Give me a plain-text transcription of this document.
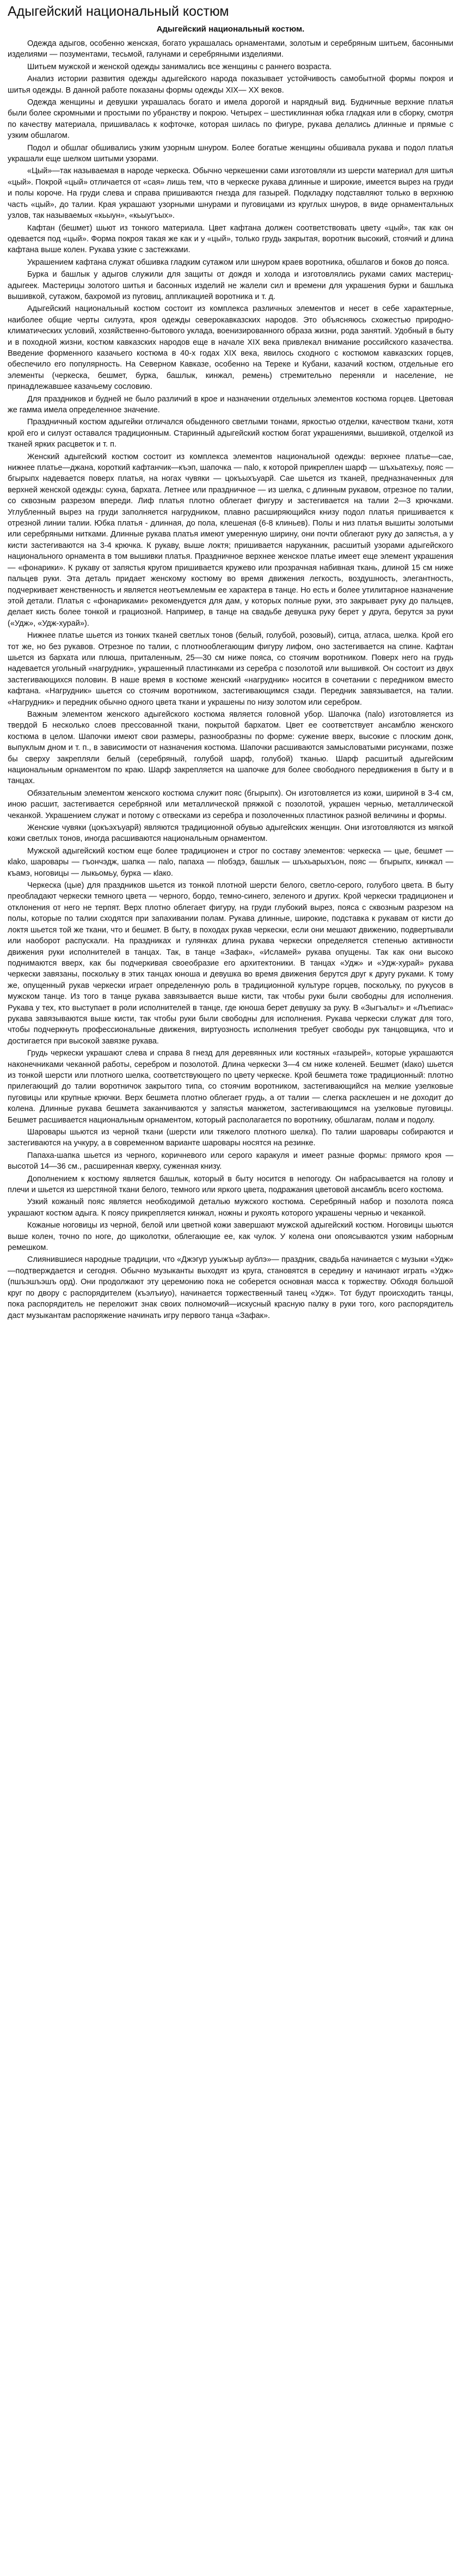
Адыгейский национальный костюм
Адыгейский национальный костюм.

Одежда адыгов, особенно женская, богато украшалась орнаментами, золотым и серебряным шитьем, басонными изделиями — позументами, тесьмой, галунами и серебряными изделиями.

Шитьем мужской и женской одежды занимались все женщины с раннего возраста.

Анализ истории развития одежды адыгейского народа показывает устойчивость самобытной формы покроя и шитья одежды. В данной работе показаны формы одежды XIX— XX веков.

Одежда женщины и девушки украшалась богато и имела дорогой и нарядный вид. Будничные верхние платья были более скромными и простыми по убранству и покрою. Четырех – шестиклинная юбка гладкая или в сборку, смотря по качеству материала, пришивалась к кофточке, которая шилась по фигуре, рукава делались длинные и прямые с узким обшлагом.

Подол и обшлаг обшивались узким узорным шнуром. Более богатые женщины обшивала рукава и подол платья украшали еще шелком шитыми узорами.

«Цый»—так называемая в народе черкеска. Обычно черкешенки сами изготовляли из шерсти материал для шитья «цый». Покрой «цый» отличается от «сая» лишь тем, что в черкеске рукава длинные и широкие, имеется вырез на груди и полы короче. На груди слева и справа пришиваются гнезда для газырей. Подкладку подставляют только в верхнюю часть «цый», до талии. Края украшают узорными шнурами и пуговицами из круглых шнуров, в виде орнаментальных узлов, так называемых «кьыун», «кьыугъых».

Кафтан (бешмет) шьют из тонкого материала. Цвет кафтана должен соответствовать цвету «цый», так как он одевается под «цый». Форма покроя такая же как и у «цый», только грудь закрытая, воротник высокий, стоячий и длина кафтана выше колен. Рукава узкие с застежками.

Украшением кафтана служат обшивка гладким сутажом или шнуром краев воротника, обшлагов и боков до пояса.

Бурка и башлык у адыгов служили для защиты от дождя и холода и изготовлялись руками самих мастериц-адыгеек. Мастерицы золотого шитья и басонных изделий не жалели сил и времени для украшения бурки и башлыка вышивкой, сутажом, бахромой из пуговиц, аппликацией воротника и т. д.

Адыгейский национальный костюм состоит из комплекса различных элементов и несет в себе характерные, наиболее общие черты силуэта, кроя одежды северокавказских народов. Это объясняюсь схожестью природно-климатических условий, хозяйственно-бытового уклада, военизированного образа жизни, рода занятий. Удобный в быту и в походной жизни, костюм кавказских народов еще в начале XIX века привлекал внимание российского казачества. Введение форменного казачьего костюма в 40-х годах XIX века, явилось сходного с костюмом кавказских горцев, обеспечило его популярность. На Северном Кавказе, особенно на Тереке и Кубани, казачий костюм, отдельные его элементы (черкеска, бешмет, бурка, башлык, кинжал, ремень) стремительно переняли и население, не принадлежавшее казачьему сословию.

Для праздников и будней не было различий в крое и назначении отдельных элементов костюма горцев. Цветовая же гамма имела определенное значение.

Праздничный костюм адыгейки отличался обыденного светлыми тонами, яркостью отделки, качеством ткани, хотя крой его и силуэт оставался традиционным. Старинный адыгейский костюм богат украшениями, вышивкой, отделкой из тканей ярких расцветок и т. п.

Женский адыгейский костюм состоит из комплекса элементов национальной одежды: верхнее платье—сае, нижнее платье—джана, короткий кафтанчик—къэп, шапочка — паlо, к которой прикреплен шарф — шъхьатехьу, пояс — бгырыпх надевается поверх платья, на ногах чувяки — цокъыхъуарй. Сае шьется из тканей, предназначенных для верхней женской одежды: сукна, бархата. Летнее или праздничное — из шелка, с длинным рукавом, отрезное по талии, со сквозным разрезом впереди. Лиф платья плотно облегает фигуру и застегивается на талии 2—3 крючками. Углубленный вырез на груди заполняется нагрудником, плавно расширяющийся книзу подол платья пришивается к отрезной линии талии. Юбка платья - длинная, до пола, клешеная (6-8 клиньев). Полы и низ платья вышиты золотыми или серебряными нитками. Длинные рукава платья имеют умеренную ширину, они почти облегают руку до запястья, а у кисти застегиваются на 3-4 крючка. К рукаву, выше локтя; пришивается наруканник, расшитый узорами адыгейского национального орнамента в том вышивки платья. Праздничное верхнее женское платье имеет еще элемент украшения — «фонарики». К рукаву от запястья кругом пришивается кружево или прозрачная набивная ткань, длиной 15 см ниже пальцев руки. Эта деталь придает женскому костюму во время движения легкость, воздушность, элегантность, подчеркивает женственность и является неотъемлемым ее характера в танце. Но есть и более утилитарное назначение этой детали. Платья с «фонариками» рекомендуется для дам, у которых полные руки, это закрывает руку до пальцев, делает кисть более тонкой и грациозной. Например, в танце на свадьбе девушка руку берет у друга, берутся за руки («Удж», «Удж-хурай»).

Нижнее платье шьется из тонких тканей светлых тонов (белый, голубой, розовый), ситца, атласа, шелка. Крой его тот же, но без рукавов. Отрезное по талии, с плотнооблегающим фигуру лифом, оно застегивается на спине. Кафтан шьется из бархата или плюша, приталенным, 25—30 см ниже пояса, со стоячим воротником. Поверх него на грудь надевается угольный «нагрудник», украшенный пластинками из серебра с позолотой или вышивкой. Он состоит из двух застегивающихся половин. В наше время в костюме женский «нагрудник» носится в сочетании с передником вместо кафтана. «Нагрудник» шьется со стоячим воротником, застегивающимся сзади. Передник завязывается, на талии. «Нагрудник» и передник обычно одного цвета ткани и украшены по низу золотом или серебром.

Важным элементом женского адыгейского костюма является головной убор. Шапочка (паlо) изготовляется из твердой Б несколько слоев прессованной ткани, покрытой бархатом. Цвет ее соответствует ансамблю женского костюма в целом. Шапочки имеют свои размеры, разнообразны по форме: сужение вверх, высокие с плоским донк, выпуклым дном и т. п., в зависимости от назначения костюма. Шапочки расшиваются замысловатыми рисунками, позже бы сверху закрепляли белый (серебряный, голубой шарф, голубой) тканью. Шарф расшитый адыгейским национальным орнаментом по краю. Шарф закрепляется на шапочке для более свободного передвижения в быту и в танцах.

Обязательным элементом женского костюма служит пояс (бгырыпх). Он изготовляется из кожи, шириной в 3-4 см, иною расшит, застегивается серебряной или металлической пряжкой с позолотой, украшен чернью, металлической чеканкой. Украшением служат и потому с отвесками из серебра и позолоченных пластинок разной величины и формы.

Женские чувяки (цокъэхъуарй) являются традиционной обувью адыгейских женщин. Они изготовляются из мягкой кожи светлых тонов, иногда расшиваются национальным орнаментом.

Мужской адыгейский костюм еще более традиционен и строг по составу элементов: черкеска — цые, бешмет — кlako, шаровары — гъончэдж, шапка — паlo, папаха — пlобэдэ, башлык — шъхьарыхъон, пояс — бгырыпх, кинжал — къамэ, ноговицы — лыкьомьу, бурка — кlако.

Черкеска (цые) для праздников шьется из тонкой плотной шерсти белого, светло-серого, голубого цвета. В быту преобладают черкески темного цвета — черного, бордо, темно-синего, зеленого и других. Крой черкески традиционен и отклонения от него не терпят. Верх плотно облегает фигуру, на груди глубокий вырез, пояса с сквозным разрезом на полы, которые по талии сходятся при запахивании полам. Рукава длинные, широкие, подставка к рукавам от кисти до локтя шьется той же ткани, что и бешмет. В быту, в походах рукав черкески, если они мешают движению, подвертывали или наоборот распускали. На праздниках и гулянках длина рукава черкески определяется степенью активности движения руки исполнителей в танцах. Так, в танце «Зафак», «Исламей» рукава опущены. Так как они высоко поднимаются вверх, как бы подчеркивая своеобразие его архитектоники. В танцах «Удж» и «Удж-хурай» рукава черкески завязаны, поскольку в этих танцах юноша и девушка во время движения берутся друг к другу руками. К тому же, опущенный рукав черкески играет определенную роль в традиционной культуре горцев, поскольку, по рукусов в мужском танце. Из того в танце рукава завязывается выше кисти, так чтобы руки были свободны для исполнения. Рукава у тех, кто выступает в роли исполнителей в танце, где юноша берет девушку за руку. В «Зыгъальт» и «Лъепиас» рукава завязываются выше кисти, так чтобы руки были свободны для исполнения. Рукава черкески служат для того, чтобы подчеркнуть профессиональные движения, виртуозность исполнения требует свободы рук танцовщика, что и достигается при высокой завязке рукава.

Грудь черкески украшают слева и справа 8 гнезд для деревянных или костяных «газырей», которые украшаются наконечниками чеканной работы, серебром и позолотой. Длина черкески 3—4 см ниже коленей. Бешмет (кlако) шьется из тонкой шерсти или плотного шелка, соответствующего по цвету черкеске. Крой бешмета тоже традиционный: плотно прилегающий до талии воротничок закрытого типа, со стоячим воротником, застегивающийся на мелкие узелковые пуговицы или крупные крючки. Верх бешмета плотно облегает грудь, а от талии — слегка расклешен и не доходит до колена. Длинные рукава бешмета заканчиваются у запястья манжетом, застегивающимся на узелковые пуговицы. Бешмет расшивается национальным орнаментом, который располагается по воротнику, обшлагам, полам и подолу.

Шаровары шьются из черной ткани (шерсти или тяжелого плотного шелка). По талии шаровары собираются и застегиваются на учкуру, а в современном варианте шаровары носятся на резинке.

Папаха-шапка шьется из черного, коричневого или серого каракуля и имеет разные формы: прямого кроя — высотой 14—36 см., расширенная кверху, суженная книзу.

Дополнением к костюму является башлык, который в быту носится в непогоду. Он набрасывается на голову и плечи и шьется из шерстяной ткани белого, темного или яркого цвета, подражания цветовой ансамбль всего костюма.

Узкий кожаный пояс является необходимой деталью мужского костюма. Серебряный набор и позолота пояса украшают костюм адыга. К поясу прикрепляется кинжал, ножны и рукоять которого украшены чернью и чеканкой.

Кожаные ноговицы из черной, белой или цветной кожи завершают мужской адыгейский костюм. Ноговицы шьются выше колен, точно по ноге, до щиколотки, облегающие ее, как чулок. У колена они опоясываются узким наборным ремешком.

Слиянившиеся народные традиции, что «Джэгур ууыжъыр аублэ»— праздник, свадьба начинается с музыки «Удж» —подтверждается и сегодня. Обычно музыканты выходят из круга, становятся в середину и начинают играть «Удж» (пшъэшъэшъ орд). Они продолжают эту церемонию пока не соберется основная масса к торжеству. Обходя большой круг по двору с распорядителем (къэлъиуо), начинается торжественный танец «Удж». Тот будут происходить танцы, пока распорядитель не переложит знак своих полномочий—искусный красную палку в руки того, кого распорядитель даст музыкантам распоряжение начинать игру первого танца «Зафак».
